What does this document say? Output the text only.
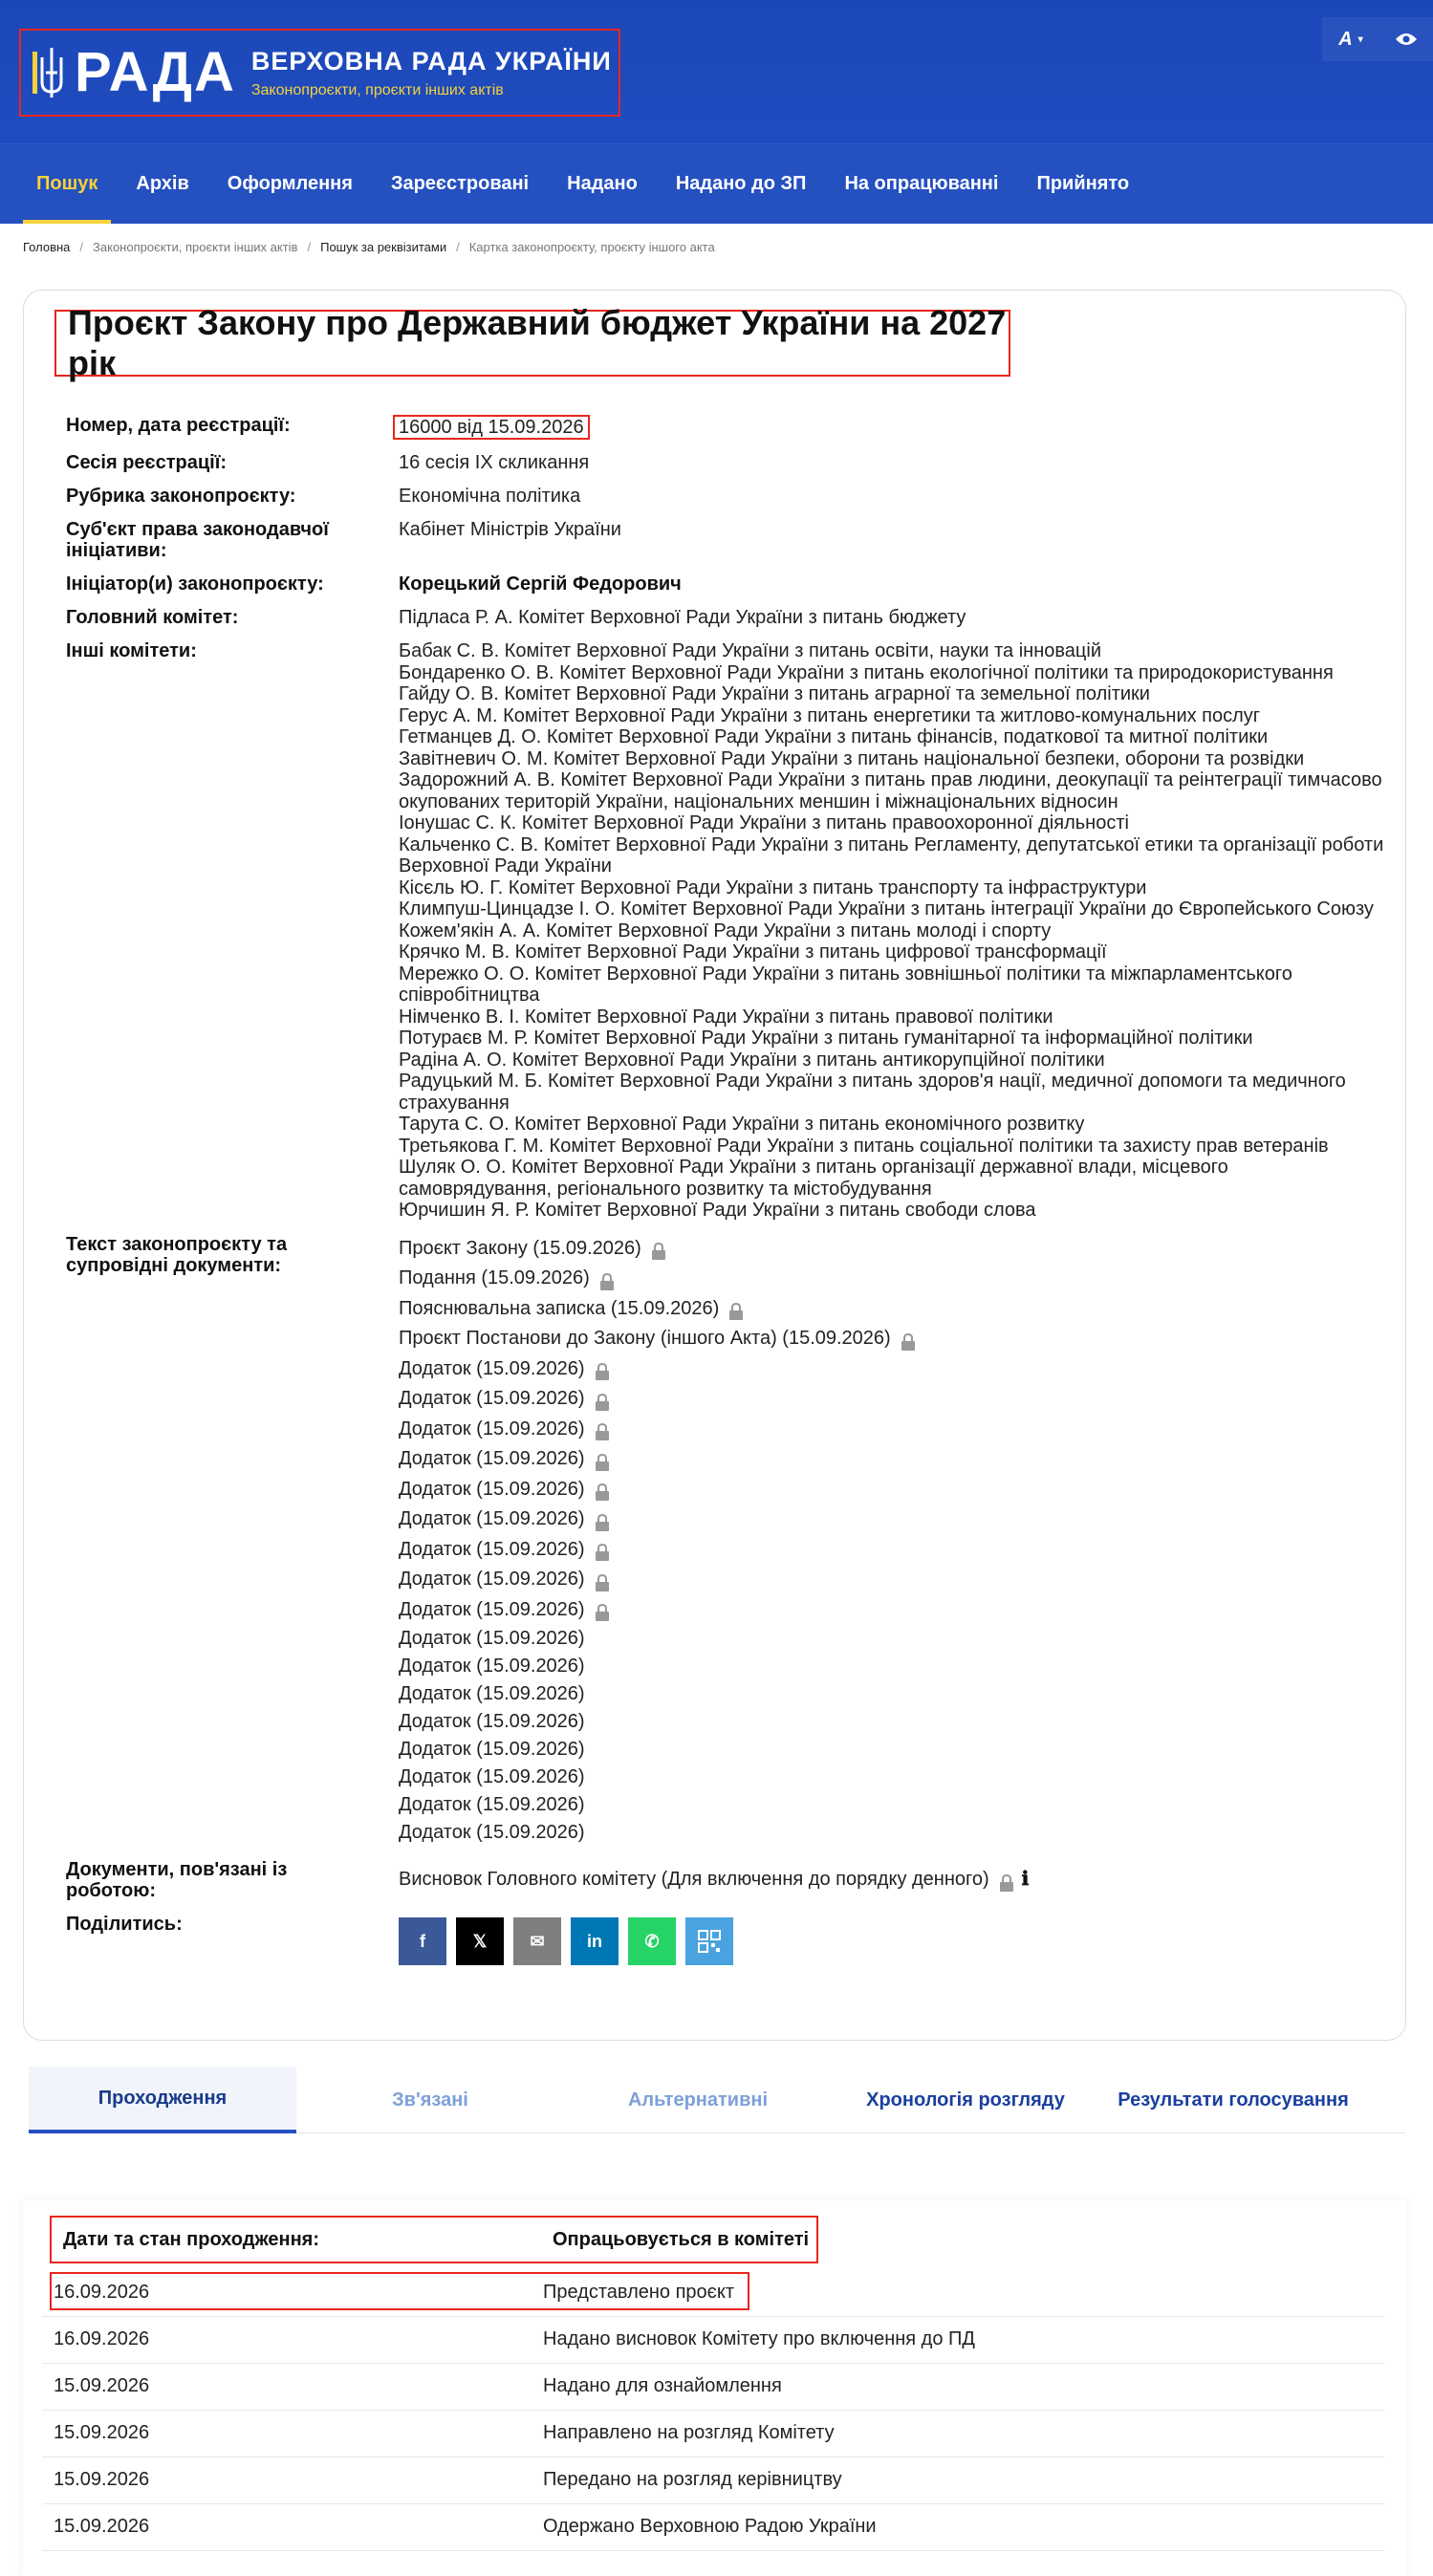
РАДА ВЕРХОВНА РАДА УКРАЇНИ
Законопроєкти, проєкти інших актів
А ▾
Пошук	Архів	Оформлення	Зареєстровані	Надано	Надано до ЗП	На опрацюванні	Прийнято
Головна / Законопроєкти, проєкти інших актів / Пошук за реквізитами / Картка законопроєкту, проєкту іншого акта
Проєкт Закону про Державний бюджет України на 2027 рік
Номер, дата реєстрації:	16000 від 15.09.2026
Сесія реєстрації:	16 сесія IX скликання
Рубрика законопроєкту:	Економічна політика
Суб'єкт права законодавчої ініціативи:
Кабінет Міністрів України
Ініціатор(и) законопроєкту:	Корецький Сергій Федорович
Головний комітет:	Підласа Р. А. Комітет Верховної Ради України з питань бюджету
Інші комітети:	Бабак С. В. Комітет Верховної Ради України з питань освіти, науки та інновацій
Бондаренко О. В. Комітет Верховної Ради України з питань екологічної політики та природокористування
Гайду О. В. Комітет Верховної Ради України з питань аграрної та земельної політики
Герус А. М. Комітет Верховної Ради України з питань енергетики та житлово-комунальних послуг
Гетманцев Д. О. Комітет Верховної Ради України з питань фінансів, податкової та митної політики
Завітневич О. М. Комітет Верховної Ради України з питань національної безпеки, оборони та розвідки
Задорожний А. В. Комітет Верховної Ради України з питань прав людини, деокупації та реінтеграції тимчасово окупованих територій України, національних меншин і міжнаціональних відносин
Іонушас С. К. Комітет Верховної Ради України з питань правоохоронної діяльності
Кальченко С. В. Комітет Верховної Ради України з питань Регламенту, депутатської етики та організації роботи Верховної Ради України
Кісєль Ю. Г. Комітет Верховної Ради України з питань транспорту та інфраструктури
Климпуш-Цинцадзе І. О. Комітет Верховної Ради України з питань інтеграції України до Європейського Союзу
Кожем'якін А. А. Комітет Верховної Ради України з питань молоді і спорту
Крячко М. В. Комітет Верховної Ради України з питань цифрової трансформації
Мережко О. О. Комітет Верховної Ради України з питань зовнішньої політики та міжпарламентського співробітництва
Німченко В. І. Комітет Верховної Ради України з питань правової політики
Потураєв М. Р. Комітет Верховної Ради України з питань гуманітарної та інформаційної політики
Радіна А. О. Комітет Верховної Ради України з питань антикорупційної політики
Радуцький М. Б. Комітет Верховної Ради України з питань здоров'я нації, медичної допомоги та медичного страхування
Тарута С. О. Комітет Верховної Ради України з питань економічного розвитку
Третьякова Г. М. Комітет Верховної Ради України з питань соціальної політики та захисту прав ветеранів
Шуляк О. О. Комітет Верховної Ради України з питань організації державної влади, місцевого самоврядування, регіонального розвитку та містобудування
Юрчишин Я. Р. Комітет Верховної Ради України з питань свободи слова
Текст законопроєкту та супровідні документи:
Проєкт Закону (15.09.2026)
Подання (15.09.2026)
Пояснювальна записка (15.09.2026)
Проєкт Постанови до Закону (іншого Акта) (15.09.2026)
Додаток (15.09.2026)
Додаток (15.09.2026)
Додаток (15.09.2026)
Додаток (15.09.2026)
Додаток (15.09.2026)
Додаток (15.09.2026)
Додаток (15.09.2026)
Додаток (15.09.2026)
Додаток (15.09.2026)
Додаток (15.09.2026)
Додаток (15.09.2026)
Додаток (15.09.2026)
Додаток (15.09.2026)
Додаток (15.09.2026)
Додаток (15.09.2026)
Додаток (15.09.2026)
Додаток (15.09.2026)
Документи, пов'язані із роботою:
Висновок Головного комітету (Для включення до порядку денного) ℹ
Поділитись:
f	𝕏	✉	in	✆
Проходження	Зв'язані	Альтернативні	Хронологія розгляду	Результати голосування
Дати та стан проходження:	Опрацьовується в комітеті
16.09.2026	Представлено проєкт
16.09.2026	Надано висновок Комітету про включення до ПД
15.09.2026	Надано для ознайомлення
15.09.2026	Направлено на розгляд Комітету
15.09.2026	Передано на розгляд керівництву
15.09.2026	Одержано Верховною Радою України
